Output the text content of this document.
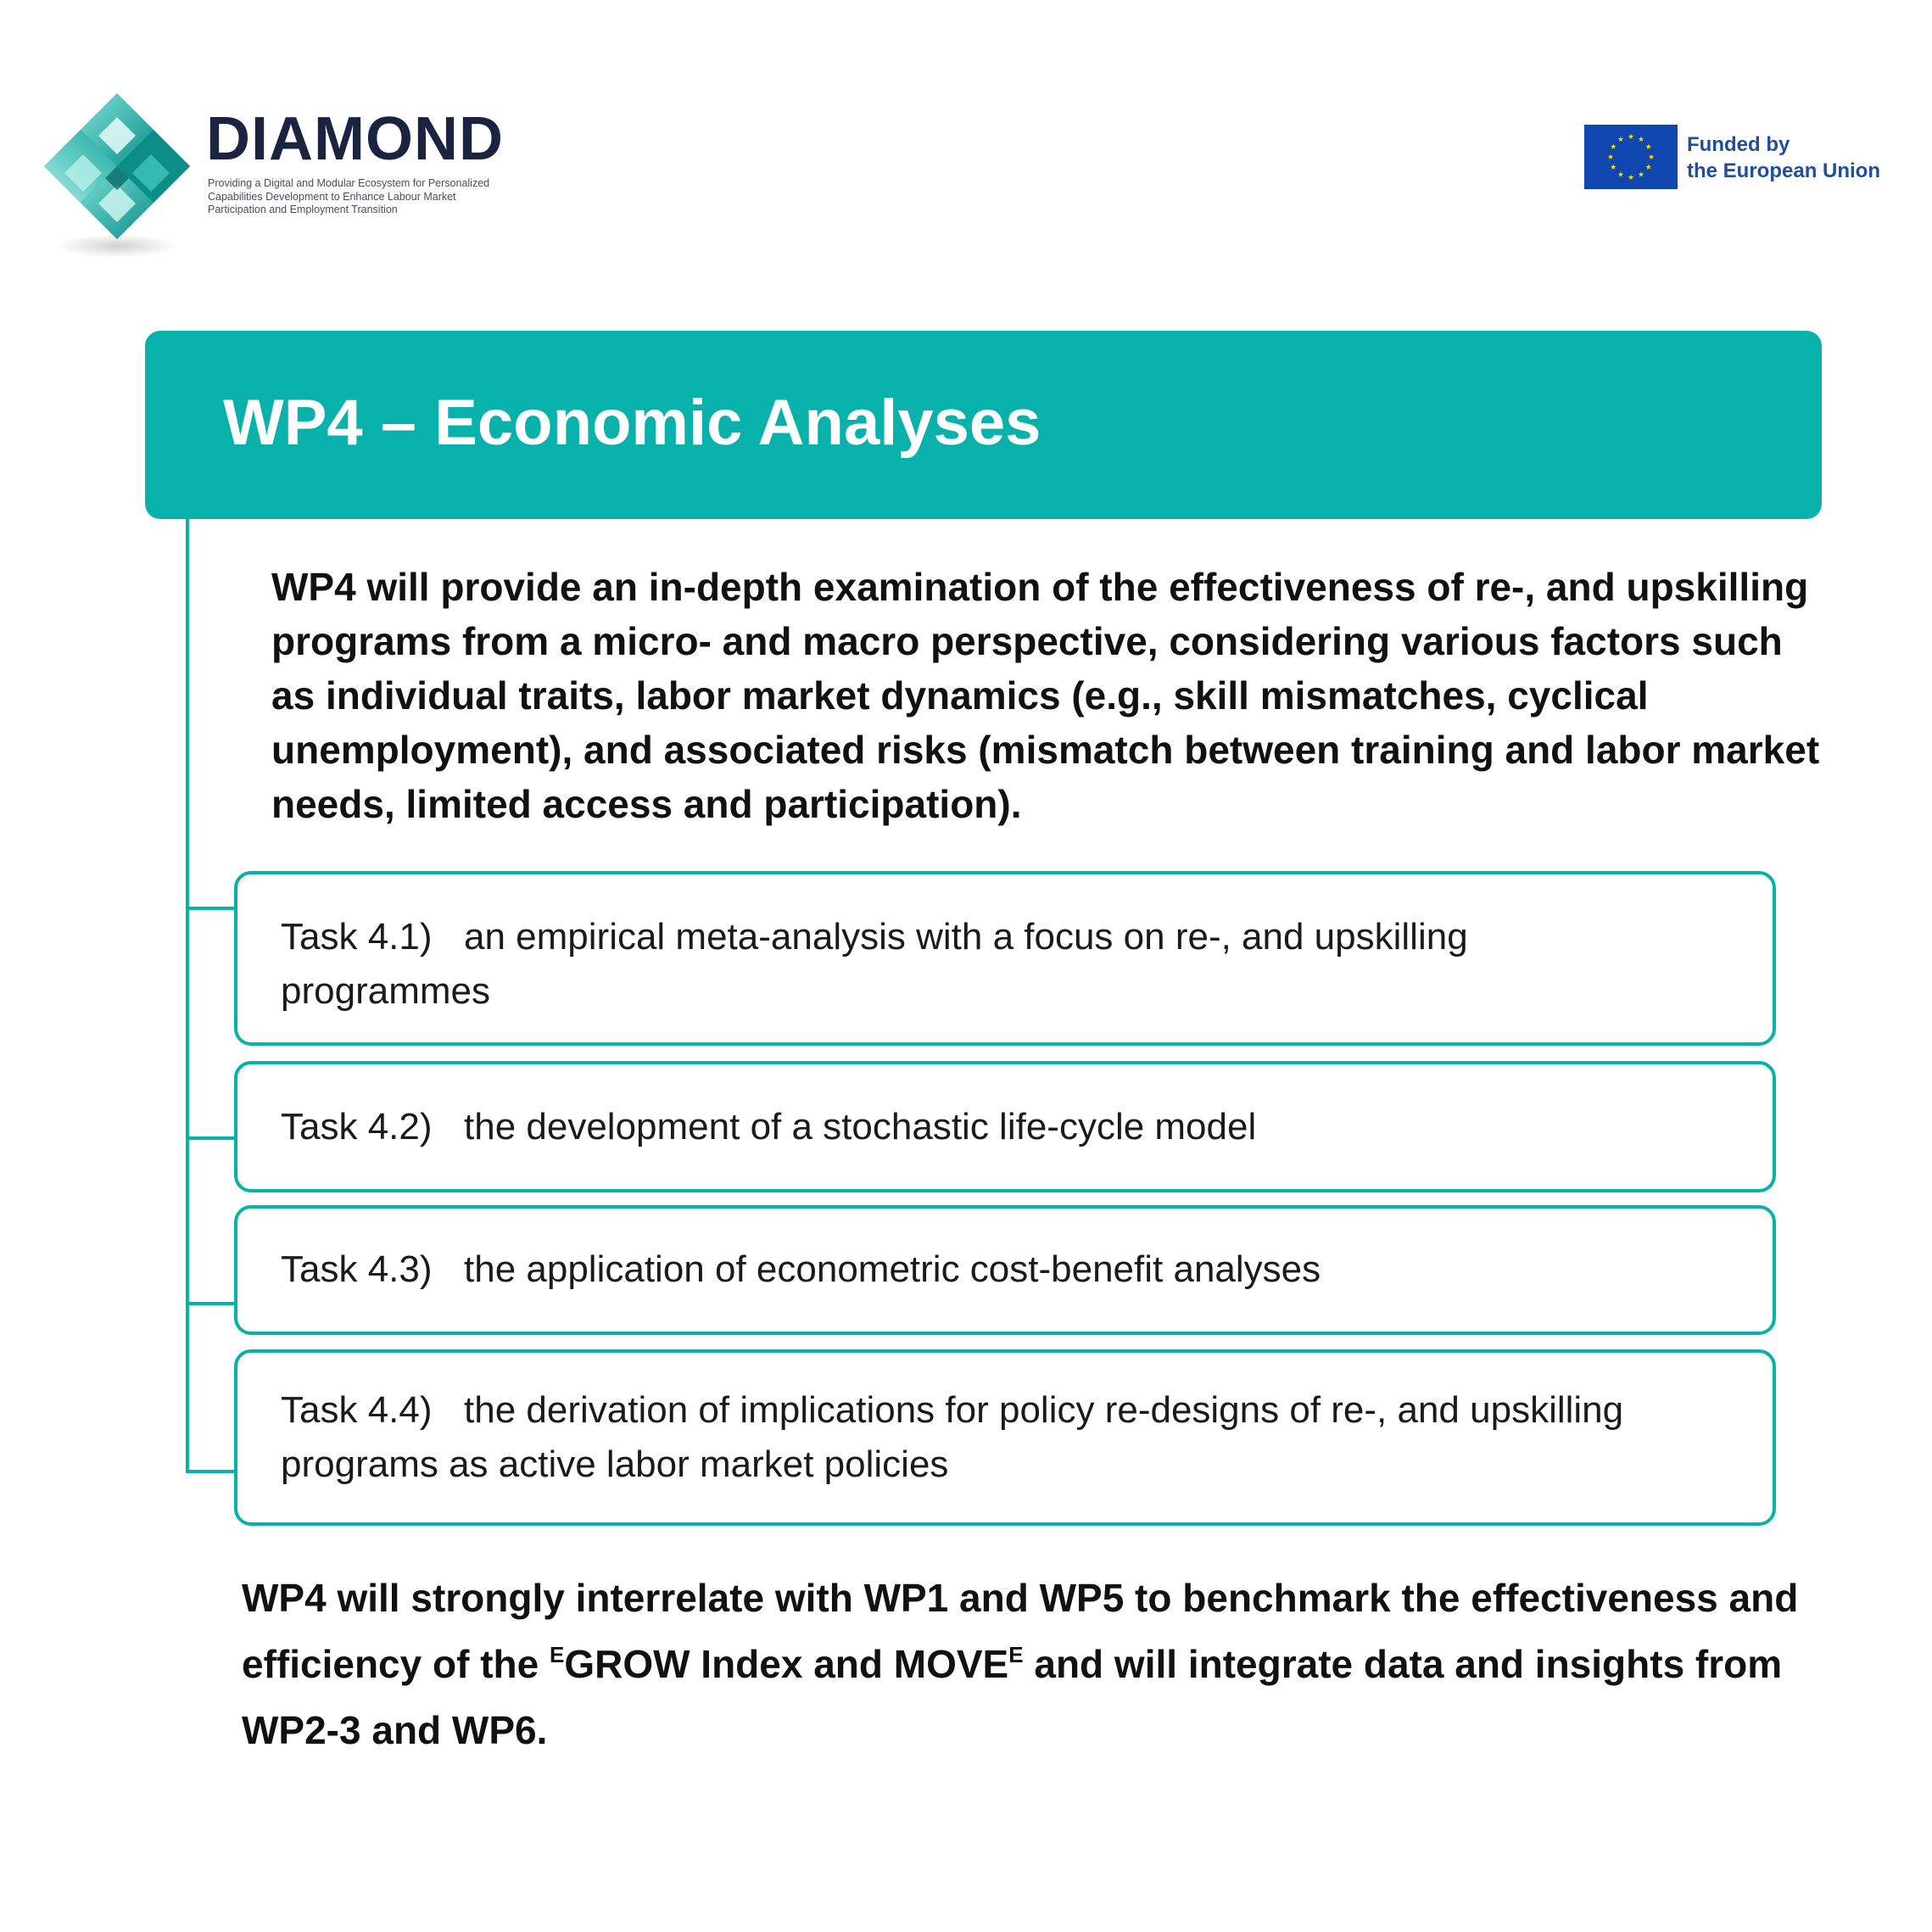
DIAMOND
Providing a Digital and Modular Ecosystem for Personalized Capabilities Development to Enhance Labour Market Participation and Employment Transition
Funded by
the European Union
WP4 – Economic Analyses
WP4 will provide an in-depth examination of the effectiveness of re-, and upskilling programs from a micro- and macro perspective, considering various factors such as individual traits, labor market dynamics (e.g., skill mismatches, cyclical unemployment), and associated risks (mismatch between training and labor market needs, limited access and participation).
Task 4.1) an empirical meta-analysis with a focus on re-, and upskilling
programmes
Task 4.2) the development of a stochastic life-cycle model
Task 4.3) the application of econometric cost-benefit analyses
Task 4.4) the derivation of implications for policy re-designs of re-, and upskilling
programs as active labor market policies
WP4 will strongly interrelate with WP1 and WP5 to benchmark the effectiveness and efficiency of the $^E$GROW Index and $MOVE^E$ and will integrate data and insights from WP2-3 and WP6.
